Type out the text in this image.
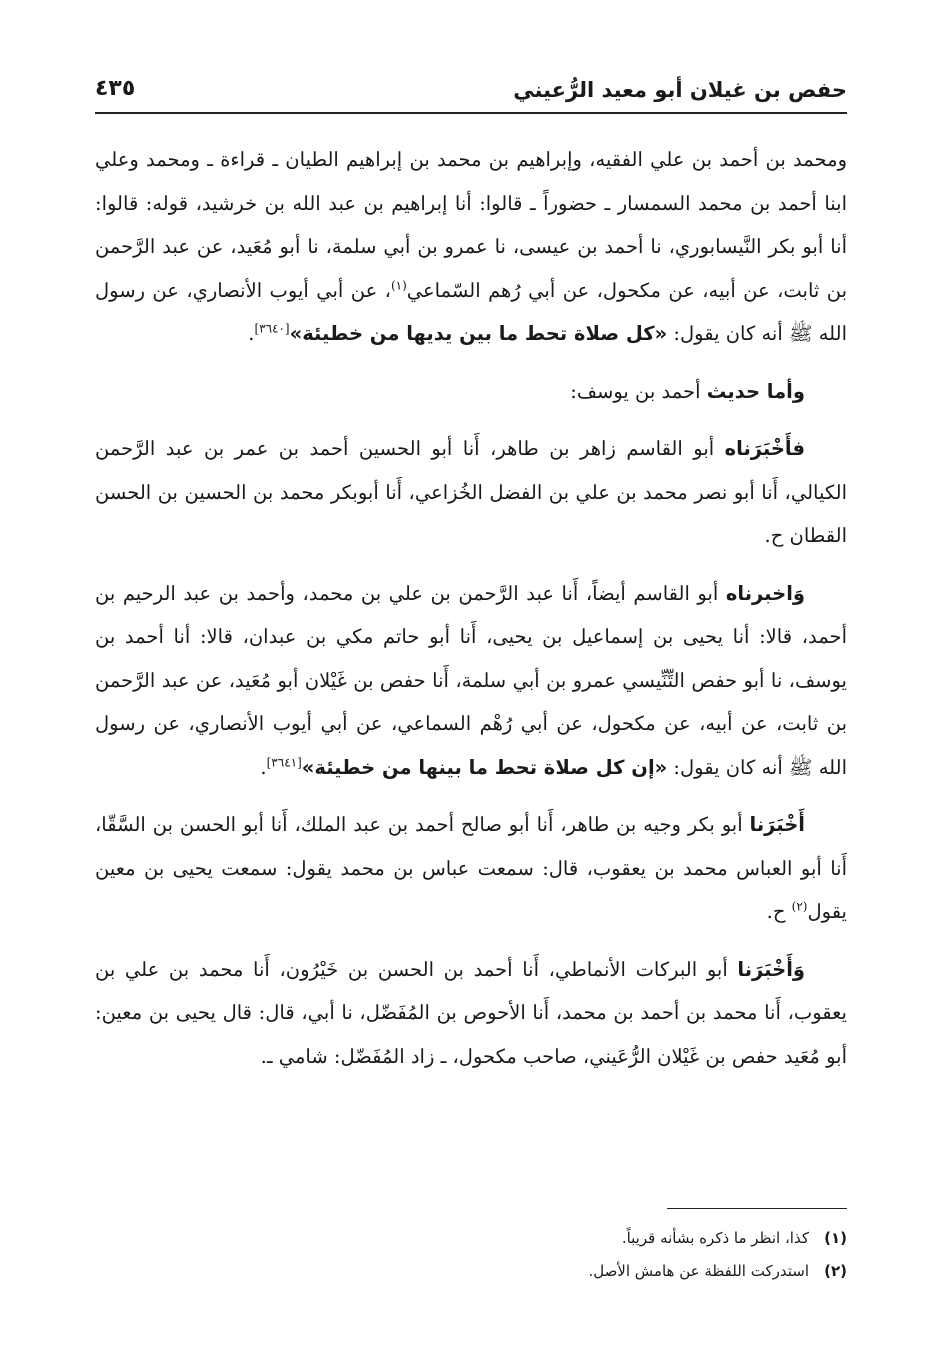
حفص بن غيلان أبو معيد الرُّعيني
٤٣٥

ومحمد بن أحمد بن علي الفقيه، وإبراهيم بن محمد بن إبراهيم الطيان ـ قراءة ـ ومحمد وعلي ابنا أحمد بن محمد السمسار ـ حضوراً ـ قالوا: أنا إبراهيم بن عبد الله بن خرشيد، قوله: قالوا: أنا أبو بكر النَّيسابوري، نا أحمد بن عيسى، نا عمرو بن أبي سلمة، نا أبو مُعَيد، عن عبد الرَّحمن بن ثابت، عن أبيه، عن مكحول، عن أبي رُهم السّماعي$^{(١)}$، عن أبي أيوب الأنصاري، عن رسول الله ﷺ أنه كان يقول: «كل صلاة تحط ما بين يديها من خطيئة»[٣٦٤٠].

وأما حديث أحمد بن يوسف:

فأَخْبَرَناه أبو القاسم زاهر بن طاهر، أَنا أبو الحسين أحمد بن عمر بن عبد الرَّحمن الكيالي، أَنا أبو نصر محمد بن علي بن الفضل الخُزاعي، أَنا أبوبكر محمد بن الحسين بن الحسن القطان ح.

وَاخبرناه أبو القاسم أيضاً، أَنا عبد الرَّحمن بن علي بن محمد، وأحمد بن عبد الرحيم بن أحمد، قالا: أنا يحيى بن إسماعيل بن يحيى، أَنا أبو حاتم مكي بن عبدان، قالا: أنا أحمد بن يوسف، نا أبو حفص التِّنِّيسي عمرو بن أبي سلمة، أَنا حفص بن غَيْلان أبو مُعَيد، عن عبد الرَّحمن بن ثابت، عن أبيه، عن مكحول، عن أبي رُهْم السماعي، عن أبي أيوب الأنصاري، عن رسول الله ﷺ أنه كان يقول: «إن كل صلاة تحط ما بينها من خطيئة»[٣٦٤١].

أَخْبَرَنا أبو بكر وجيه بن طاهر، أَنا أبو صالح أحمد بن عبد الملك، أَنا أبو الحسن بن السَّقّا، أَنا أبو العباس محمد بن يعقوب، قال: سمعت عباس بن محمد يقول: سمعت يحيى بن معين يقول$^{(٢)}$ ح.

وَأَخْبَرَنا أبو البركات الأنماطي، أَنا أحمد بن الحسن بن خَيْرُون، أَنا محمد بن علي بن يعقوب، أَنا محمد بن أحمد بن محمد، أَنا الأحوص بن المُفَضّل، نا أبي، قال: قال يحيى بن معين: أبو مُعَيد حفص بن غَيْلان الرُّعَيني، صاحب مكحول، ـ زاد المُفَضّل: شامي ـ.

(١)كذا، انظر ما ذكره بشأنه قريباً.
(٢)استدركت اللفظة عن هامش الأصل.
